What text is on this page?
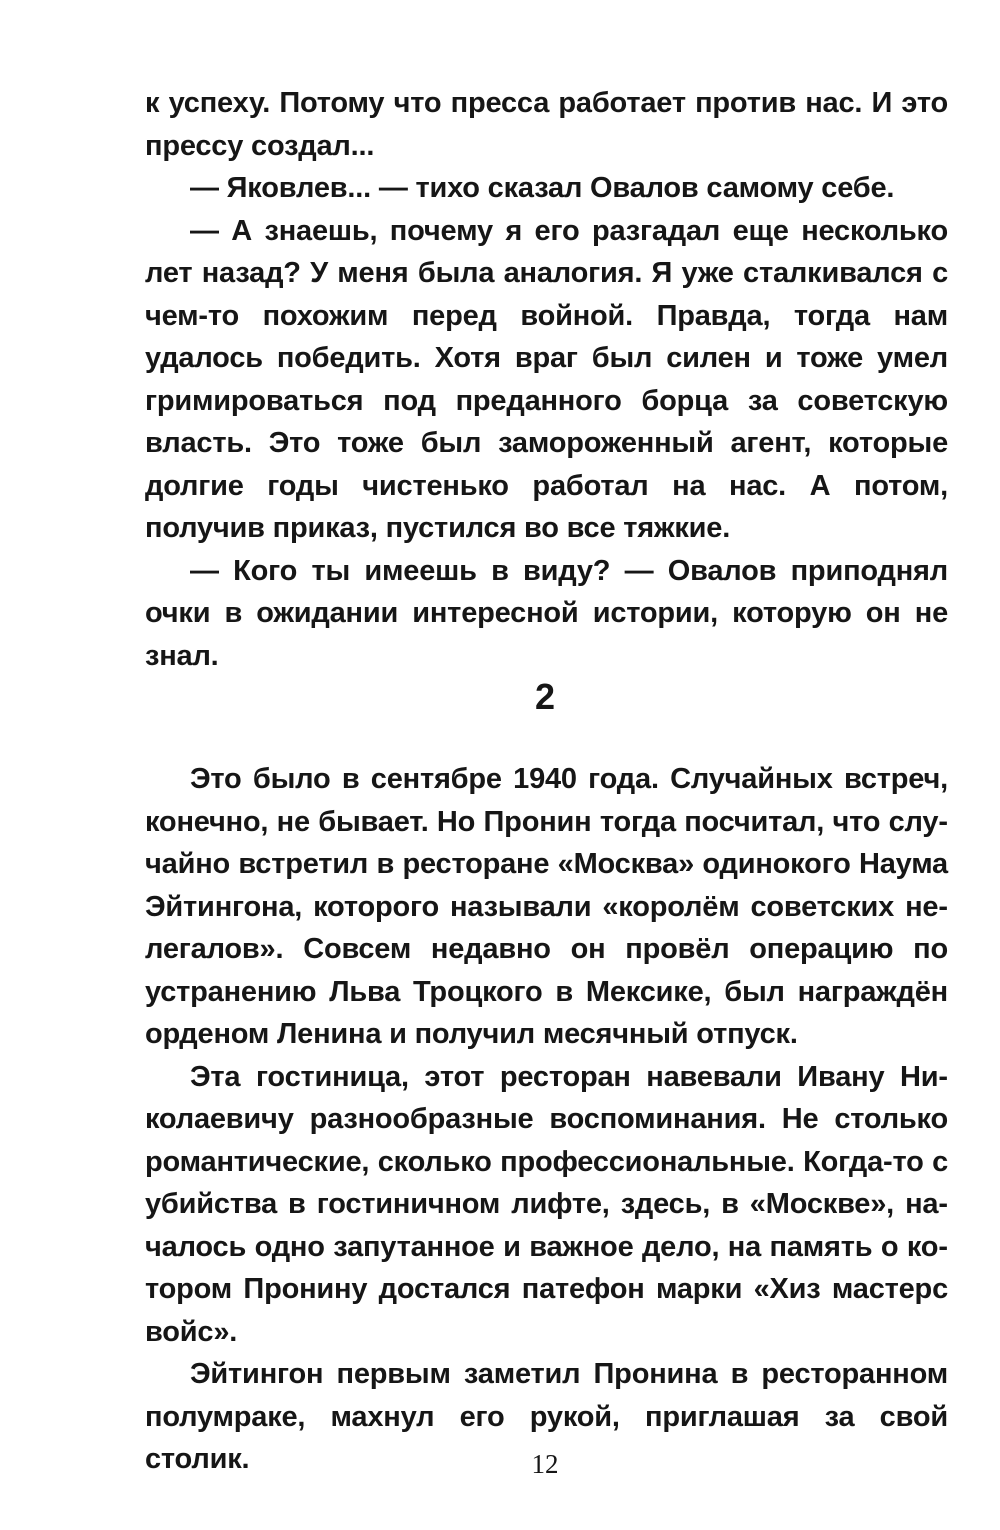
к успеху. Потому что пресса работает против нас. И это прессу создал...

— Яковлев... — тихо сказал Овалов самому себе.

— А знаешь, почему я его разгадал еще несколько лет назад? У меня была аналогия. Я уже сталкивался с чем-то похожим перед войной. Правда, тогда нам удалось победить. Хотя враг был силен и тоже умел гримироваться под преданного борца за советскую власть. Это тоже был замороженный агент, которые долгие годы чистенько работал на нас. А потом, получив приказ, пустился во все тяжкие.

— Кого ты имеешь в виду? — Овалов приподнял очки в ожидании интересной истории, которую он не знал.

2

Это было в сентябре 1940 года. Случайных встреч, конечно, не бывает. Но Пронин тогда посчитал, что случайно встретил в ресторане «Москва» одинокого Наума Эйтингона, которого называли «королём советских нелегалов». Совсем недавно он провёл операцию по устранению Льва Троцкого в Мексике, был награждён орденом Ленина и получил месячный отпуск.

Эта гостиница, этот ресторан навевали Ивану Николаевичу разнообразные воспоминания. Не столько романтические, сколько профессиональные. Когда-то с убийства в гостиничном лифте, здесь, в «Москве», началось одно запутанное и важное дело, на память о котором Пронину достался патефон марки «Хиз мастерс войс».

Эйтингон первым заметил Пронина в ресторанном полумраке, махнул его рукой, приглашая за свой столик.	12
